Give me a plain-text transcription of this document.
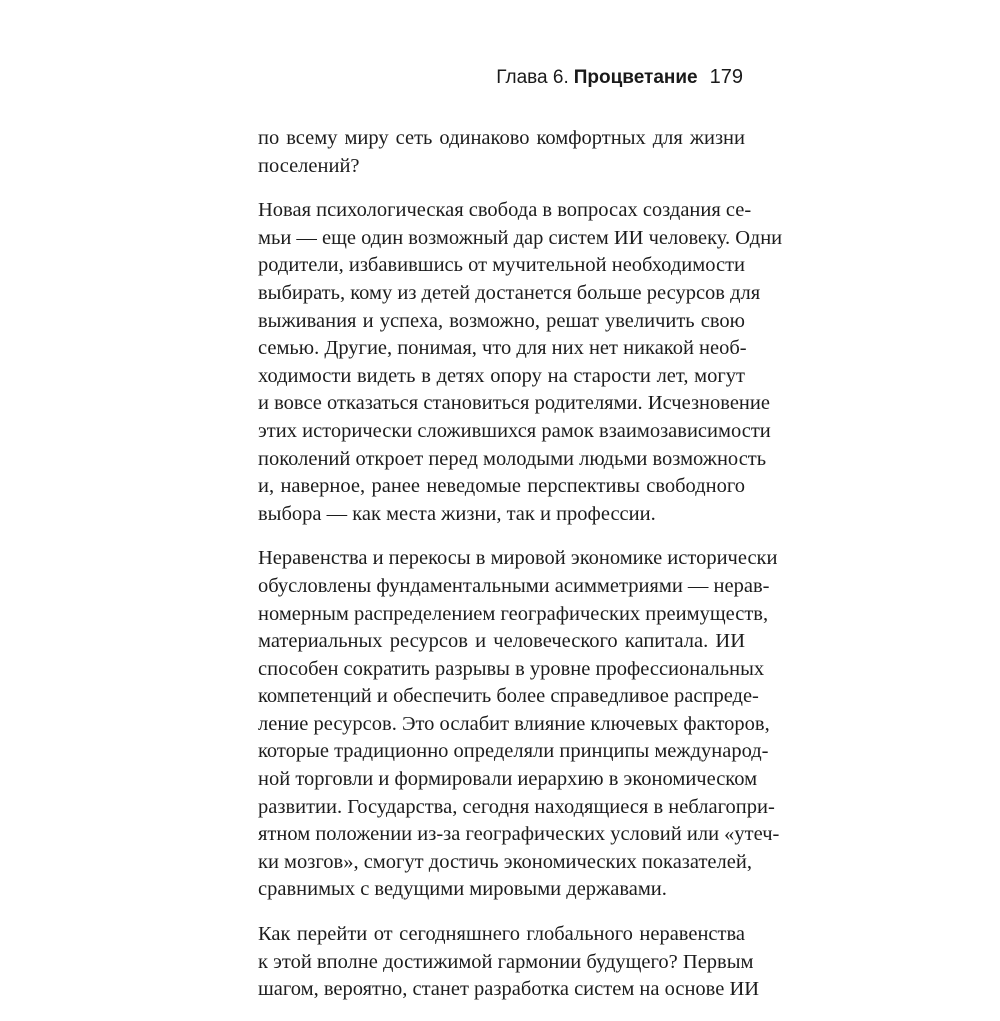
Глава 6. Процветание 179

по всему миру сеть одинаково комфортных для жизни
поселений?

Новая психологическая свобода в вопросах создания се-
мьи — еще один возможный дар систем ИИ человеку. Одни
родители, избавившись от мучительной необходимости
выбирать, кому из детей достанется больше ресурсов для
выживания и успеха, возможно, решат увеличить свою
семью. Другие, понимая, что для них нет никакой необ-
ходимости видеть в детях опору на старости лет, могут
и вовсе отказаться становиться родителями. Исчезновение
этих исторически сложившихся рамок взаимозависимости
поколений откроет перед молодыми людьми возможность
и, наверное, ранее неведомые перспективы свободного
выбора — как места жизни, так и профессии.

Неравенства и перекосы в мировой экономике исторически
обусловлены фундаментальными асимметриями — нерав-
номерным распределением географических преимуществ,
материальных ресурсов и человеческого капитала. ИИ
способен сократить разрывы в уровне профессиональных
компетенций и обеспечить более справедливое распреде-
ление ресурсов. Это ослабит влияние ключевых факторов,
которые традиционно определяли принципы международ-
ной торговли и формировали иерархию в экономическом
развитии. Государства, сегодня находящиеся в неблагопри-
ятном положении из-за географических условий или «утеч-
ки мозгов», смогут достичь экономических показателей,
сравнимых с ведущими мировыми державами.

Как перейти от сегодняшнего глобального неравенства
к этой вполне достижимой гармонии будущего? Первым
шагом, вероятно, станет разработка систем на основе ИИ
